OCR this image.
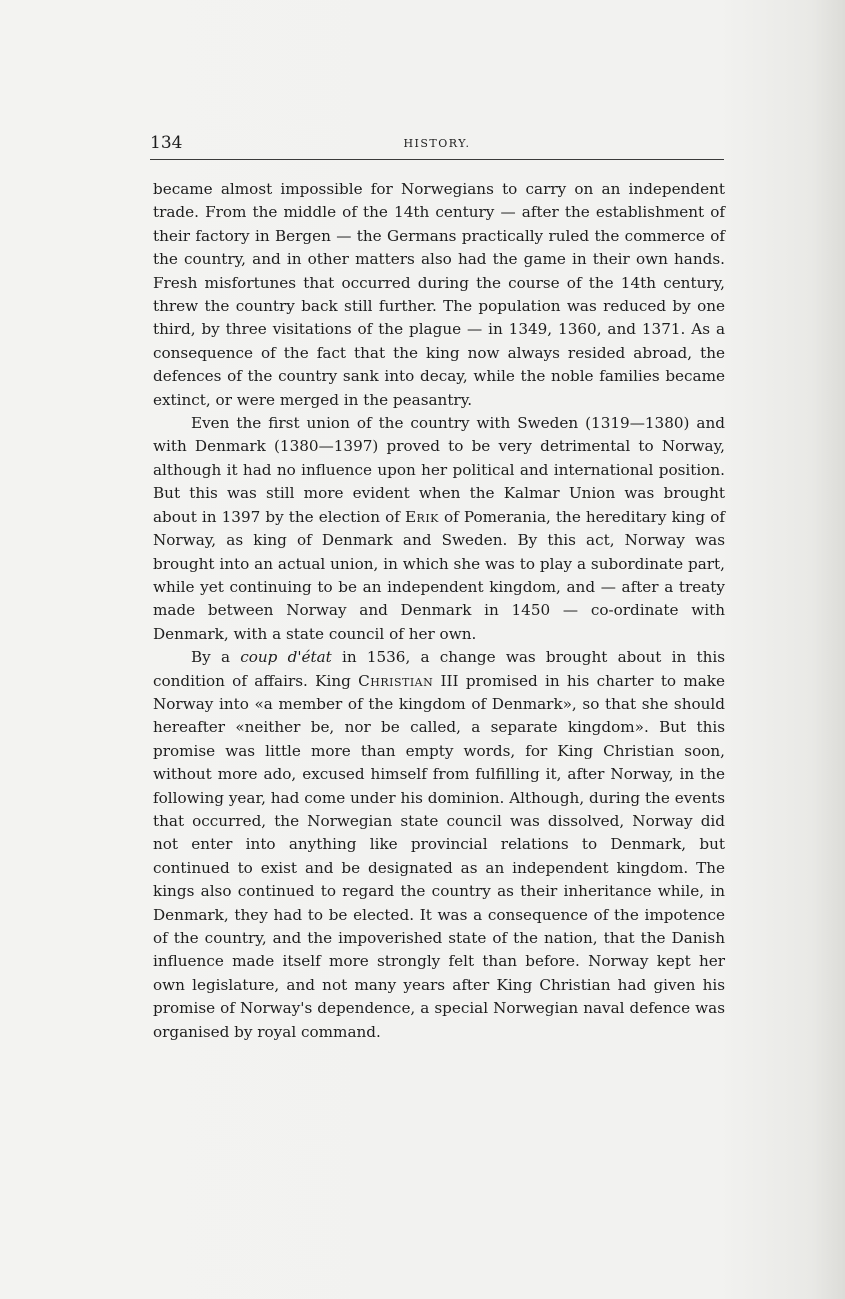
134	HISTORY.

became almost impossible for Norwegians to carry on an independent trade. From the middle of the 14th century — after the establishment of their factory in Bergen — the Germans practically ruled the commerce of the country, and in other matters also had the game in their own hands. Fresh misfortunes that occurred during the course of the 14th century, threw the country back still further. The population was reduced by one third, by three visitations of the plague — in 1349, 1360, and 1371. As a consequence of the fact that the king now always resided abroad, the defences of the country sank into decay, while the noble families became extinct, or were merged in the peasantry.

Even the first union of the country with Sweden (1319—1380) and with Denmark (1380—1397) proved to be very detrimental to Norway, although it had no influence upon her political and international position. But this was still more evident when the Kalmar Union was brought about in 1397 by the election of Erik of Pomerania, the hereditary king of Norway, as king of Denmark and Sweden. By this act, Norway was brought into an actual union, in which she was to play a subordinate part, while yet continuing to be an independent kingdom, and — after a treaty made between Norway and Denmark in 1450 — co-ordinate with Denmark, with a state council of her own.

By a coup d'état in 1536, a change was brought about in this condition of affairs. King Christian III promised in his charter to make Norway into «a member of the kingdom of Denmark», so that she should hereafter «neither be, nor be called, a separate kingdom». But this promise was little more than empty words, for King Christian soon, without more ado, excused himself from fulfilling it, after Norway, in the following year, had come under his dominion. Although, during the events that occurred, the Norwegian state council was dissolved, Norway did not enter into anything like provincial relations to Denmark, but continued to exist and be designated as an independent kingdom. The kings also continued to regard the country as their inheritance while, in Denmark, they had to be elected. It was a consequence of the impotence of the country, and the impoverished state of the nation, that the Danish influence made itself more strongly felt than before. Norway kept her own legislature, and not many years after King Christian had given his promise of Norway's dependence, a special Norwegian naval defence was organised by royal command.
